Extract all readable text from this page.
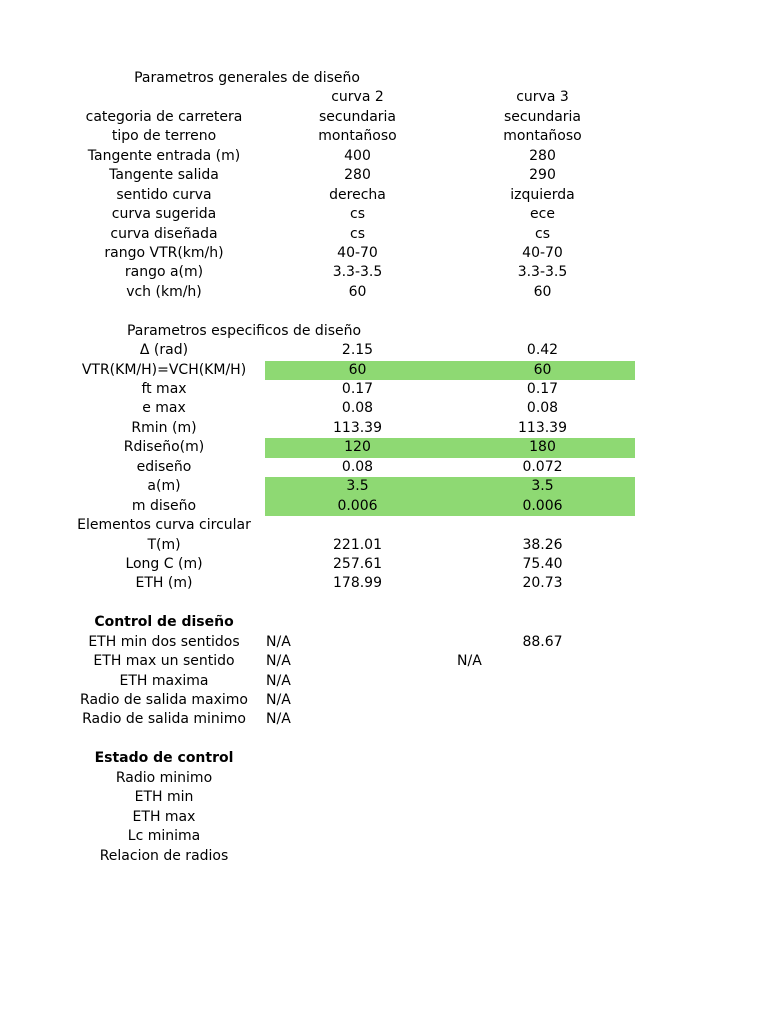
Parametros generales de diseño
curva 2	curva 3
categoria de carretera	secundaria	secundaria
tipo de terreno	montañoso	montañoso
Tangente entrada (m)	400	280
Tangente salida	280	290
sentido curva	derecha	izquierda
curva sugerida	cs	ece
curva diseñada	cs	cs
rango VTR(km/h)	40-70	40-70
rango a(m)	3.3-3.5	3.3-3.5
vch (km/h)	60	60
Parametros especificos de diseño
Δ (rad)	2.15	0.42
VTR(KM/H)=VCH(KM/H)	60	60
ft max	0.17	0.17
e max	0.08	0.08
Rmin (m)	113.39	113.39
Rdiseño(m)	120	180
ediseño	0.08	0.072
a(m)	3.5	3.5
m diseño	0.006	0.006
Elementos curva circular
T(m)	221.01	38.26
Long C (m)	257.61	75.40
ETH (m)	178.99	20.73
Control de diseño
ETH min dos sentidos	N/A	88.67
ETH max un sentido	N/A	N/A
ETH maxima	N/A
Radio de salida maximo	N/A
Radio de salida minimo	N/A
Estado de control
Radio minimo
ETH min
ETH max
Lc minima
Relacion de radios
